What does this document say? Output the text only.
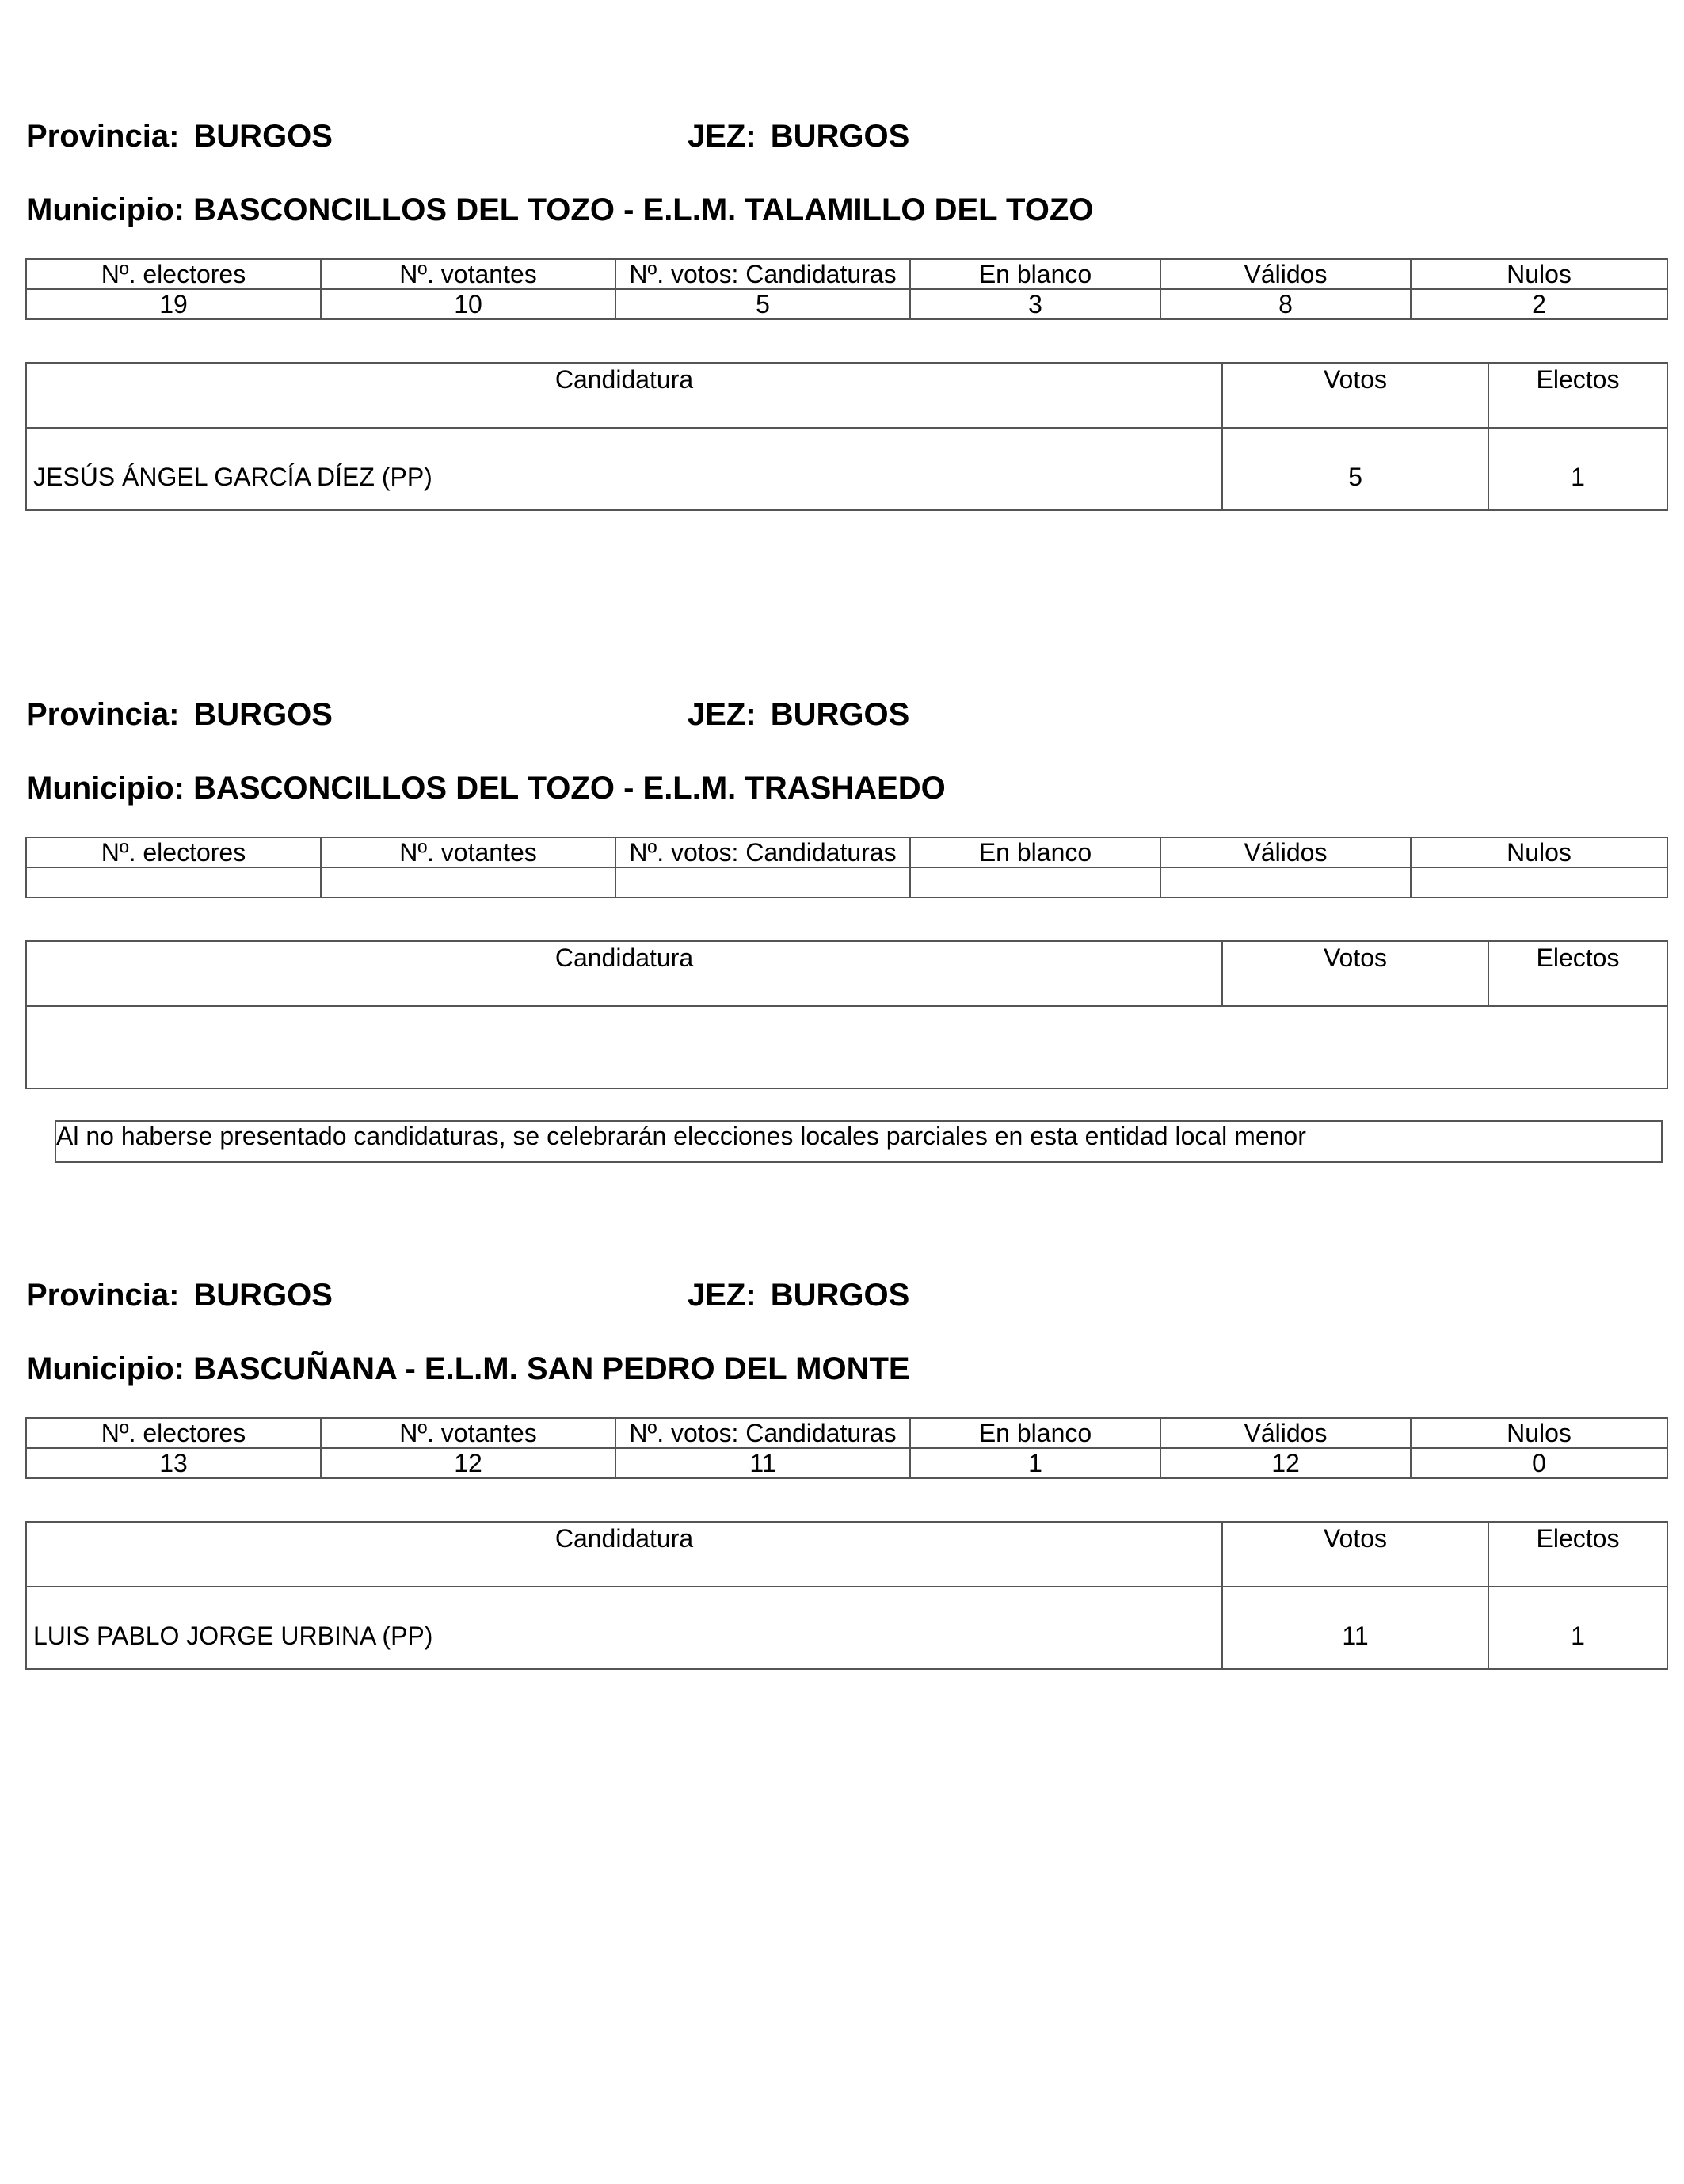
Provincia: BURGOS	JEZ: BURGOS
Municipio: BASCONCILLOS DEL TOZO - E.L.M. TALAMILLO DEL TOZO
Nº. electores	Nº. votantes	Nº. votos: Candidaturas	En blanco	Válidos	Nulos
19	10	5	3	8	2
Candidatura	Votos	Electos
JESÚS ÁNGEL GARCÍA DÍEZ (PP)	5	1
Provincia: BURGOS	JEZ: BURGOS
Municipio: BASCONCILLOS DEL TOZO - E.L.M. TRASHAEDO
Nº. electores	Nº. votantes	Nº. votos: Candidaturas	En blanco	Válidos	Nulos

Candidatura	Votos	Electos

Al no haberse presentado candidaturas, se celebrarán elecciones locales parciales en esta entidad local menor
Provincia: BURGOS	JEZ: BURGOS
Municipio: BASCUÑANA - E.L.M. SAN PEDRO DEL MONTE
Nº. electores	Nº. votantes	Nº. votos: Candidaturas	En blanco	Válidos	Nulos
13	12	11	1	12	0
Candidatura	Votos	Electos
LUIS PABLO JORGE URBINA (PP)	11	1
